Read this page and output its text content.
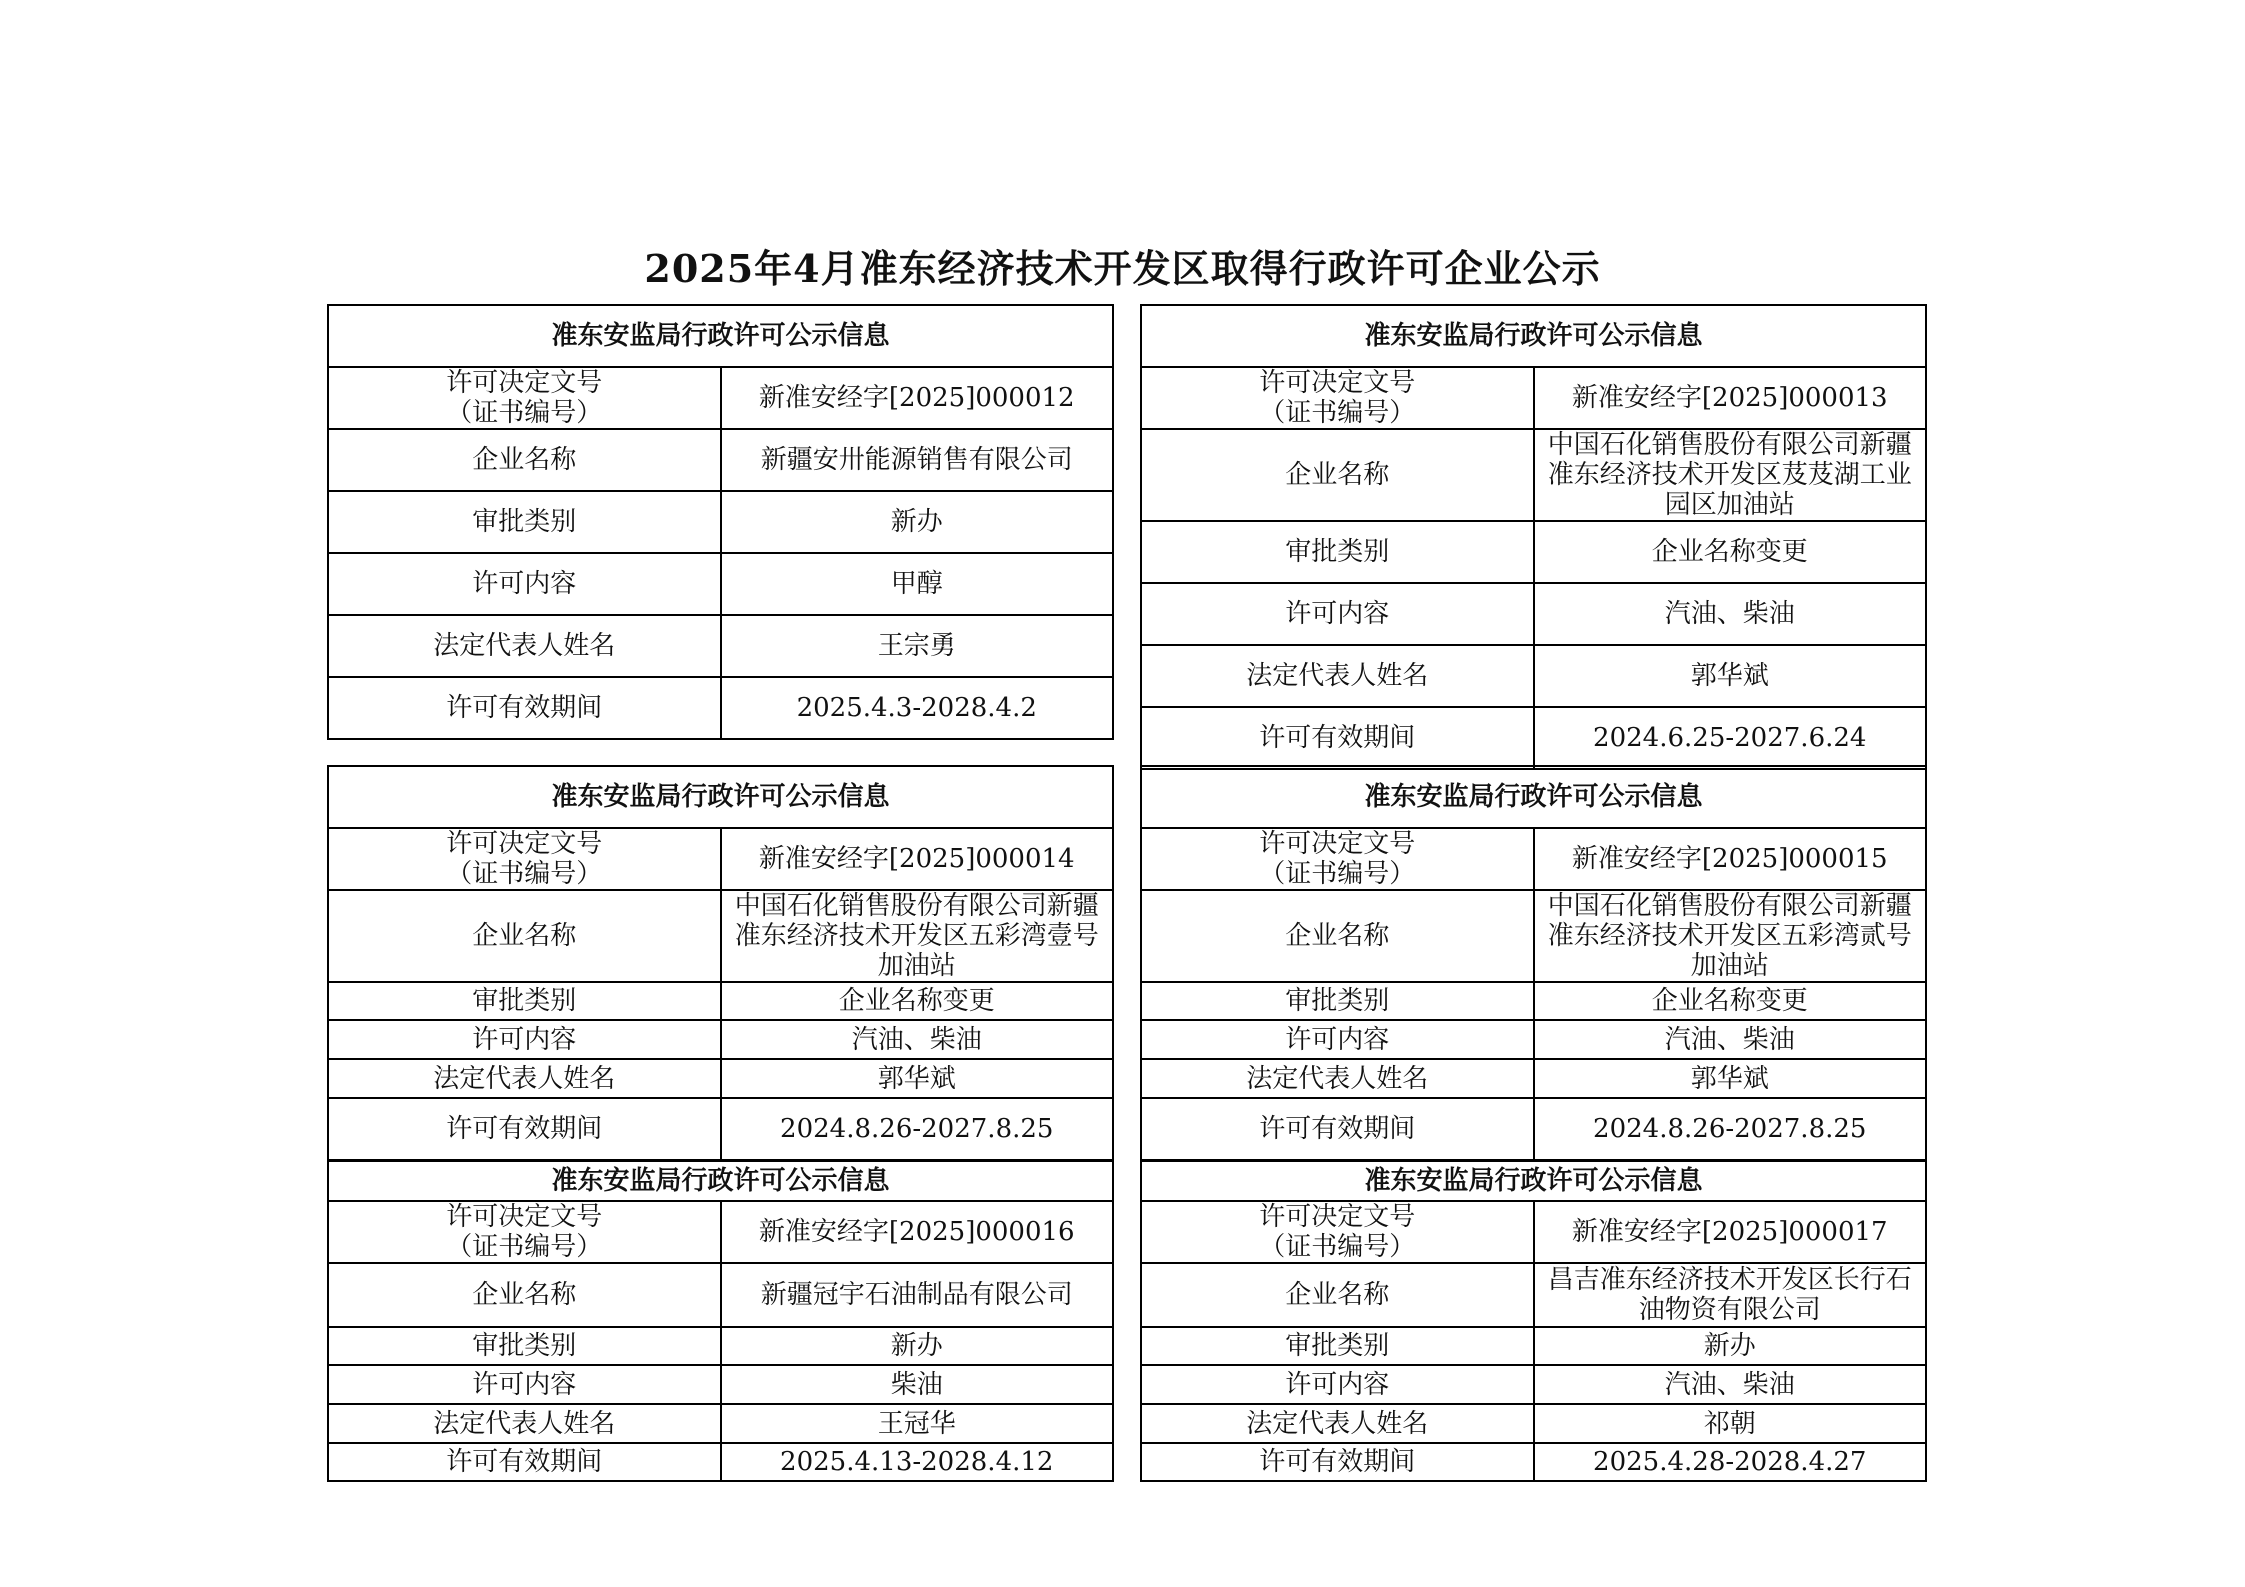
2025年4月准东经济技术开发区取得行政许可企业公示
准东安监局行政许可公示信息	

许可决定文号
（证书编号）	新准安经字[2025]000012
企业名称	新疆安卅能源销售有限公司
审批类别	新办
许可内容	甲醇
法定代表人姓名	王宗勇
许可有效期间	2025.4.3-2028.4.2
准东安监局行政许可公示信息	

许可决定文号
（证书编号）	新准安经字[2025]000013
企业名称	中国石化销售股份有限公司新疆准东经济技术开发区芨芨湖工业园区加油站
审批类别	企业名称变更
许可内容	汽油、柴油
法定代表人姓名	郭华斌
许可有效期间	2024.6.25-2027.6.24
准东安监局行政许可公示信息	

许可决定文号
（证书编号）	新准安经字[2025]000014
企业名称	中国石化销售股份有限公司新疆准东经济技术开发区五彩湾壹号加油站
审批类别	企业名称变更
许可内容	汽油、柴油
法定代表人姓名	郭华斌
许可有效期间	2024.8.26-2027.8.25
准东安监局行政许可公示信息	

许可决定文号
（证书编号）	新准安经字[2025]000015
企业名称	中国石化销售股份有限公司新疆准东经济技术开发区五彩湾贰号加油站
审批类别	企业名称变更
许可内容	汽油、柴油
法定代表人姓名	郭华斌
许可有效期间	2024.8.26-2027.8.25
准东安监局行政许可公示信息	

许可决定文号
（证书编号）	新准安经字[2025]000016
企业名称	新疆冠宇石油制品有限公司
审批类别	新办
许可内容	柴油
法定代表人姓名	王冠华
许可有效期间	2025.4.13-2028.4.12
准东安监局行政许可公示信息	

许可决定文号
（证书编号）	新准安经字[2025]000017
企业名称	昌吉准东经济技术开发区长行石油物资有限公司
审批类别	新办
许可内容	汽油、柴油
法定代表人姓名	祁朝
许可有效期间	2025.4.28-2028.4.27
